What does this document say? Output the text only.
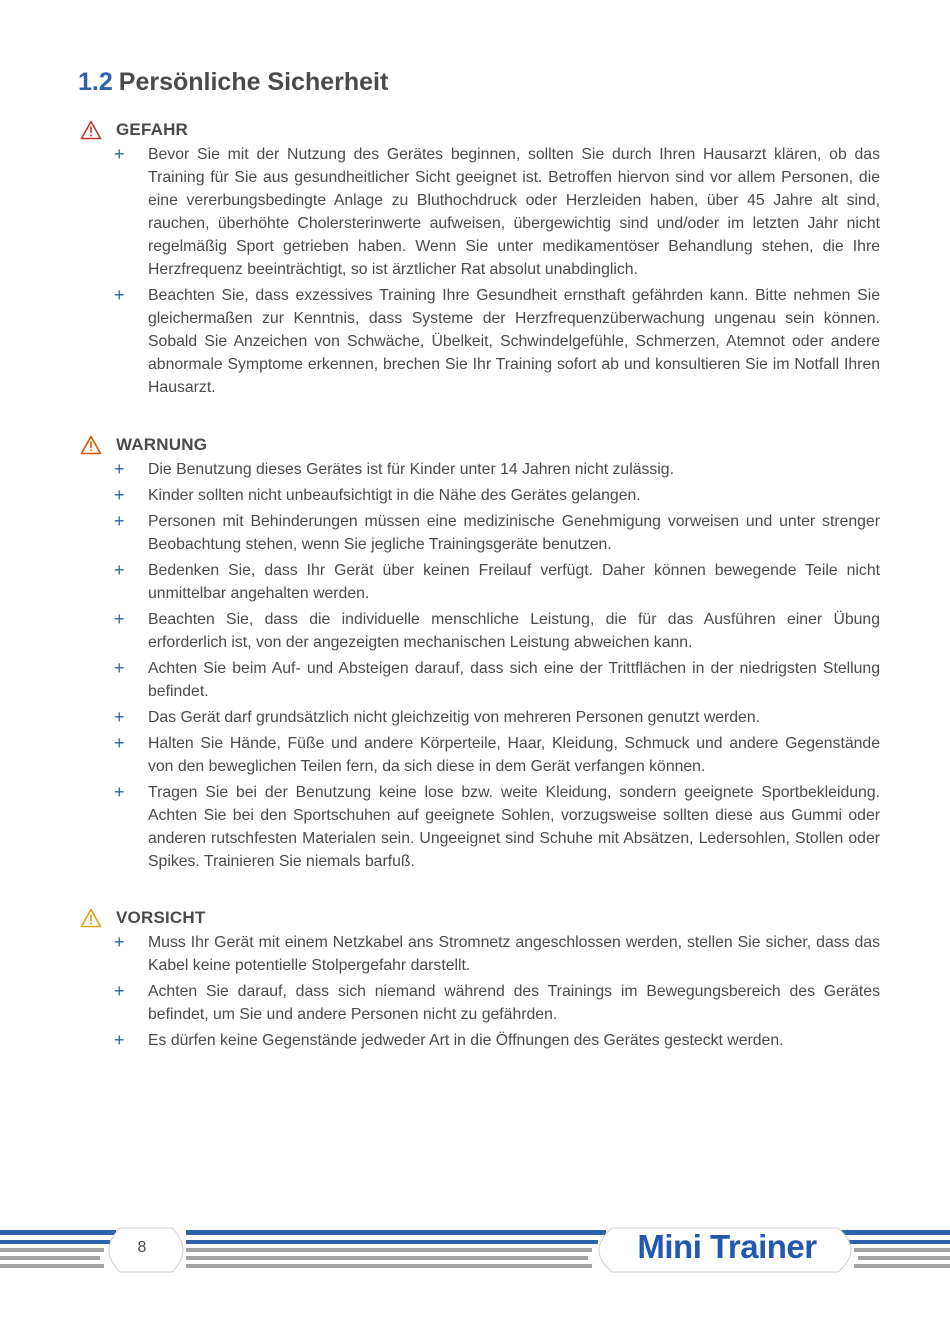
1.2 Persönliche Sicherheit
GEFAHR
+ Bevor Sie mit der Nutzung des Gerätes beginnen, sollten Sie durch Ihren Hausarzt klären, ob das Training für Sie aus gesundheitlicher Sicht geeignet ist. Betroffen hiervon sind vor allem Personen, die eine vererbungsbedingte Anlage zu Bluthochdruck oder Herzleiden haben, über 45 Jahre alt sind, rauchen, überhöhte Cholersterinwerte aufweisen, übergewichtig sind und/oder im letzten Jahr nicht regelmäßig Sport getrieben haben. Wenn Sie unter medikamentöser Behandlung stehen, die Ihre Herzfrequenz beeinträchtigt, so ist ärztlicher Rat absolut unabdinglich.
+ Beachten Sie, dass exzessives Training Ihre Gesundheit ernsthaft gefährden kann. Bitte nehmen Sie gleichermaßen zur Kenntnis, dass Systeme der Herzfrequenzüberwachung ungenau sein können. Sobald Sie Anzeichen von Schwäche, Übelkeit, Schwindelgefühle, Schmerzen, Atemnot oder andere abnormale Symptome erkennen, brechen Sie Ihr Training sofort ab und konsultieren Sie im Notfall Ihren Hausarzt.
WARNUNG
+ Die Benutzung dieses Gerätes ist für Kinder unter 14 Jahren nicht zulässig.
+ Kinder sollten nicht unbeaufsichtigt in die Nähe des Gerätes gelangen.
+ Personen mit Behinderungen müssen eine medizinische Genehmigung vorweisen und unter strenger Beobachtung stehen, wenn Sie jegliche Trainingsgeräte benutzen.
+ Bedenken Sie, dass Ihr Gerät über keinen Freilauf verfügt. Daher können bewegende Teile nicht unmittelbar angehalten werden.
+ Beachten Sie, dass die individuelle menschliche Leistung, die für das Ausführen einer Übung erforderlich ist, von der angezeigten mechanischen Leistung abweichen kann.
+ Achten Sie beim Auf- und Absteigen darauf, dass sich eine der Trittflächen in der niedrigsten Stellung befindet.
+ Das Gerät darf grundsätzlich nicht gleichzeitig von mehreren Personen genutzt werden.
+ Halten Sie Hände, Füße und andere Körperteile, Haar, Kleidung, Schmuck und andere Gegenstände von den beweglichen Teilen fern, da sich diese in dem Gerät verfangen können.
+ Tragen Sie bei der Benutzung keine lose bzw. weite Kleidung, sondern geeignete Sportbekleidung. Achten Sie bei den Sportschuhen auf geeignete Sohlen, vorzugsweise sollten diese aus Gummi oder anderen rutschfesten Materialen sein. Ungeeignet sind Schuhe mit Absätzen, Ledersohlen, Stollen oder Spikes. Trainieren Sie niemals barfuß.
VORSICHT
+ Muss Ihr Gerät mit einem Netzkabel ans Stromnetz angeschlossen werden, stellen Sie sicher, dass das Kabel keine potentielle Stolpergefahr darstellt.
+ Achten Sie darauf, dass sich niemand während des Trainings im Bewegungsbereich des Gerätes befindet, um Sie und andere Personen nicht zu gefährden.
+ Es dürfen keine Gegenstände jedweder Art in die Öffnungen des Gerätes gesteckt werden.
8	Mini Trainer
